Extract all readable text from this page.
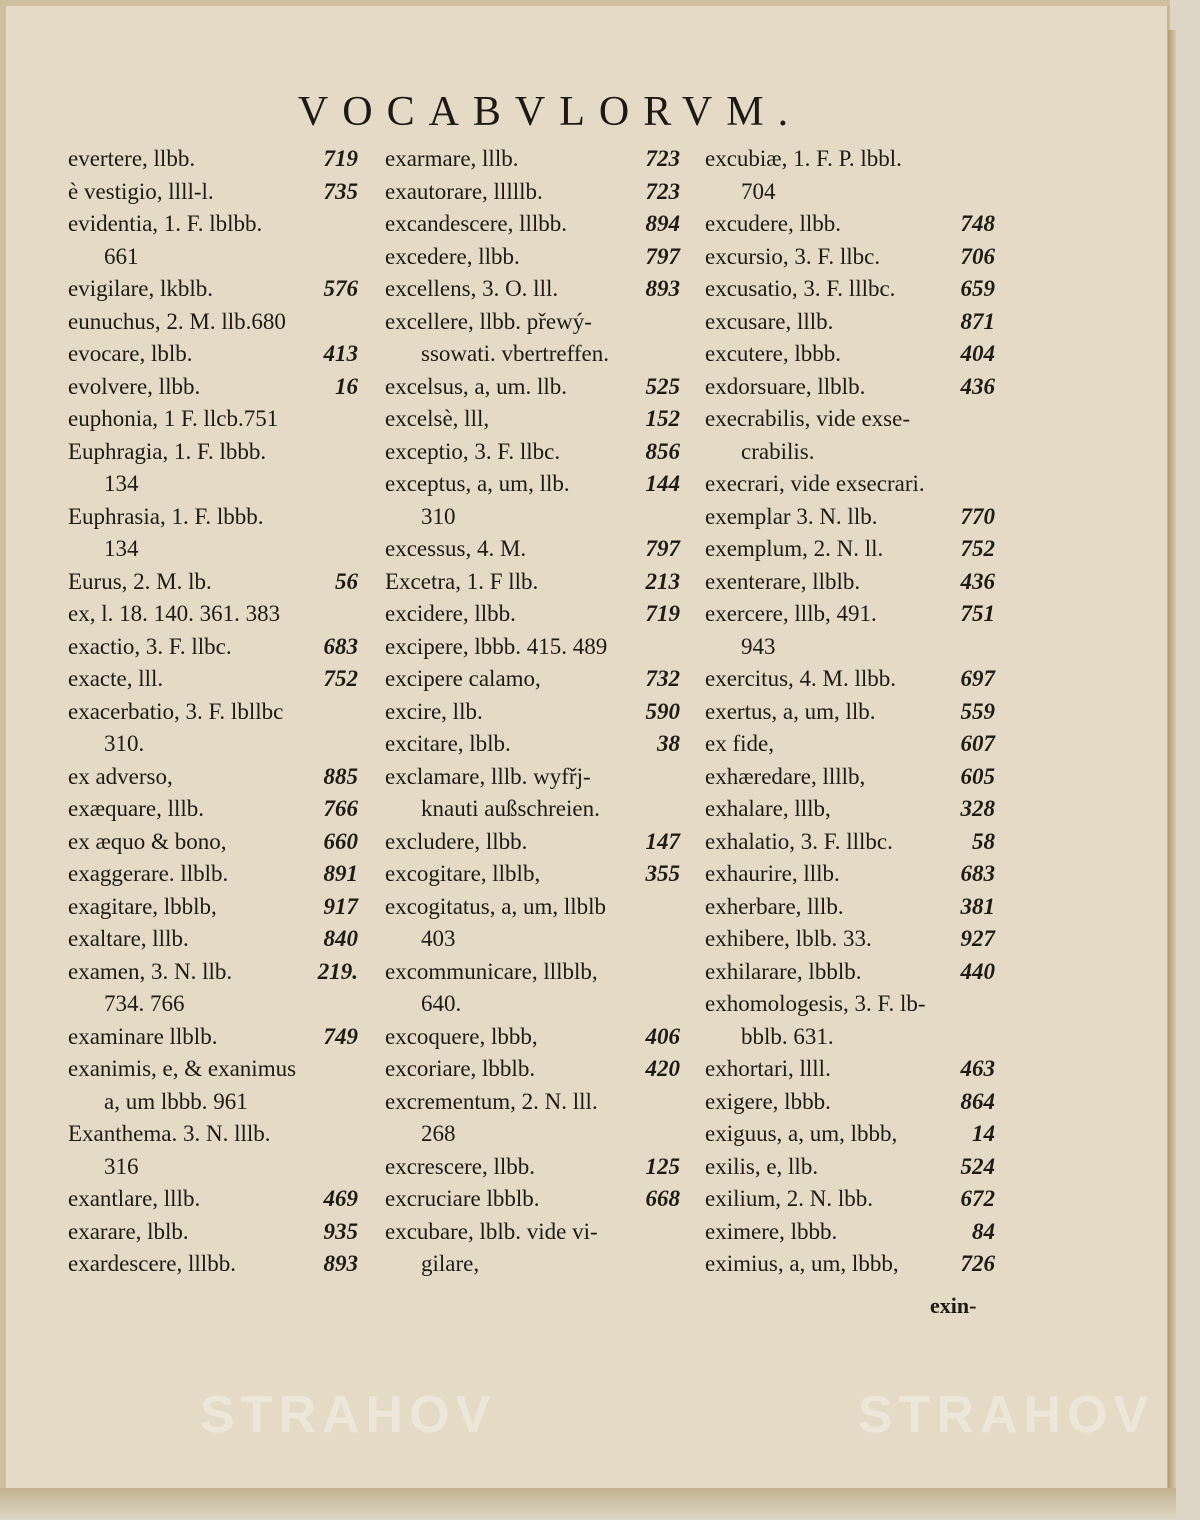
VOCABVLORVM.
evertere, llbb.	719
è vestigio, llll-l.	735
evidentia, 1. F. lblbb.
661
evigilare, lkblb.	576
eunuchus, 2. M. llb.680
evocare, lblb.	413
evolvere, llbb.	16
euphonia, 1 F. llcb.751
Euphragia, 1. F. lbbb.
134
Euphrasia, 1. F. lbbb.
134
Eurus, 2. M. lb.	56
ex, l. 18. 140. 361. 383
exactio, 3. F. llbc.	683
exacte, lll.	752
exacerbatio, 3. F. lbllbc
310.
ex adverso,	885
exæquare, lllb.	766
ex æquo & bono,	660
exaggerare. llblb.	891
exagitare, lbblb,	917
exaltare, lllb.	840
examen, 3. N. llb.	219.
734. 766
examinare llblb.	749
exanimis, e, & exanimus
a, um lbbb. 961
Exanthema. 3. N. lllb.
316
exantlare, lllb.	469
exarare, lblb.	935
exardescere, lllbb.	893
exarmare, lllb.	723
exautorare, lllllb.	723
excandescere, lllbb.	894
excedere, llbb.	797
excellens, 3. O. lll.	893
excellere, llbb. přewý-
ssowati. vbertreffen.
excelsus, a, um. llb.	525
excelsè, lll,	152
exceptio, 3. F. llbc.	856
exceptus, a, um, llb.	144
310
excessus, 4. M.	797
Excetra, 1. F llb.	213
excidere, llbb.	719
excipere, lbbb. 415. 489
excipere calamo,	732
excire, llb.	590
excitare, lblb.	38
exclamare, lllb. wyfřj-
knauti außschreien.
excludere, llbb.	147
excogitare, llblb,	355
excogitatus, a, um, llblb
403
excommunicare, lllblb,
640.
excoquere, lbbb,	406
excoriare, lbblb.	420
excrementum, 2. N. lll.
268
excrescere, llbb.	125
excruciare lbblb.	668
excubare, lblb. vide vi-
gilare,
excubiæ, 1. F. P. lbbl.
704
excudere, llbb.	748
excursio, 3. F. llbc.	706
excusatio, 3. F. lllbc.	659
excusare, lllb.	871
excutere, lbbb.	404
exdorsuare, llblb.	436
execrabilis, vide exse-
crabilis.
execrari, vide exsecrari.
exemplar 3. N. llb.	770
exemplum, 2. N. ll.	752
exenterare, llblb.	436
exercere, lllb, 491.	751
943
exercitus, 4. M. llbb.	697
exertus, a, um, llb.	559
ex fide,	607
exhæredare, llllb,	605
exhalare, lllb,	328
exhalatio, 3. F. lllbc.	58
exhaurire, lllb.	683
exherbare, lllb.	381
exhibere, lblb. 33.	927
exhilarare, lbblb.	440
exhomologesis, 3. F. lb-
bblb. 631.
exhortari, llll.	463
exigere, lbbb.	864
exiguus, a, um, lbbb,	14
exilis, e, llb.	524
exilium, 2. N. lbb.	672
eximere, lbbb.	84
eximius, a, um, lbbb,	726
exin-
STRAHOV	STRAHOV
